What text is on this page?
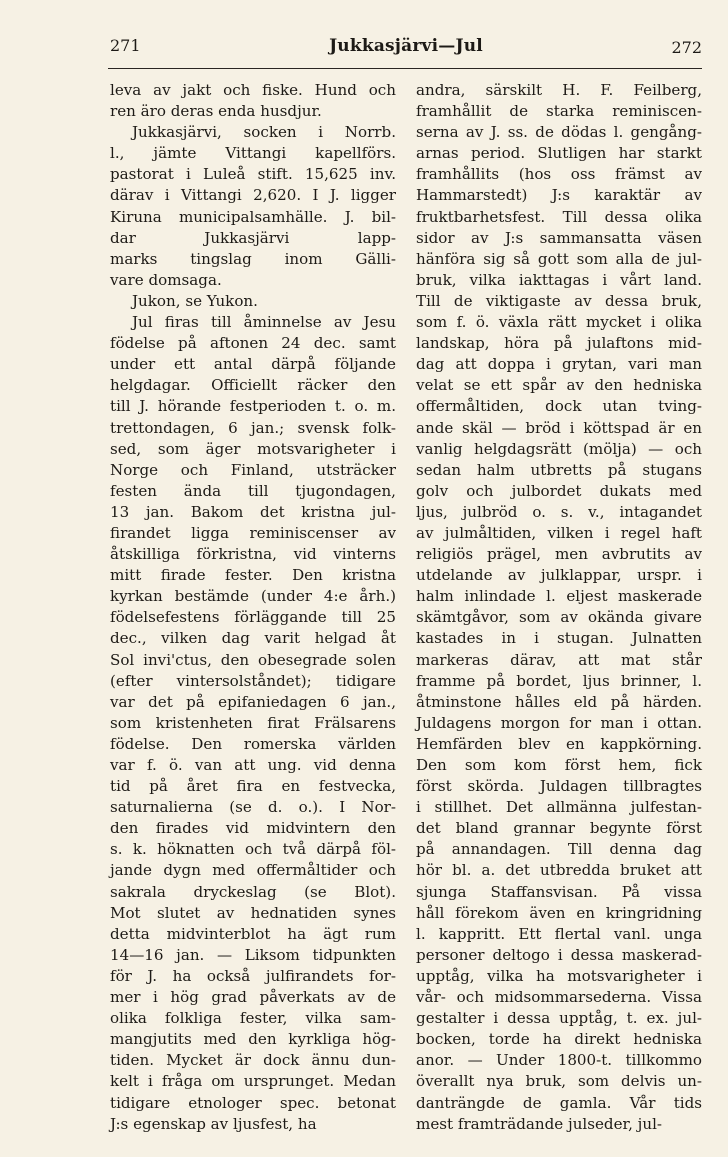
271	Jukkasjärvi—Jul	272
leva av jakt och fiske. Hund och
ren äro deras enda husdjur.
Jukkasjärvi, socken i Norrb.
l., jämte Vittangi kapellförs.
pastorat i Luleå stift. 15,625 inv.
därav i Vittangi 2,620. I J. ligger
Kiruna municipalsamhälle. J. bil-
dar Jukkasjärvi lapp-
marks tingslag inom Gälli-
vare domsaga.
Jukon, se Yukon.
Jul firas till åminnelse av Jesu
födelse på aftonen 24 dec. samt
under ett antal därpå följande
helgdagar. Officiellt räcker den
till J. hörande festperioden t. o. m.
trettondagen, 6 jan.; svensk folk-
sed, som äger motsvarigheter i
Norge och Finland, utsträcker
festen ända till tjugondagen,
13 jan. Bakom det kristna jul-
firandet ligga reminiscenser av
åtskilliga förkristna, vid vinterns
mitt firade fester. Den kristna
kyrkan bestämde (under 4:e årh.)
födelsefestens förläggande till 25
dec., vilken dag varit helgad åt
Sol invi'ctus, den obesegrade solen
(efter vintersolståndet); tidigare
var det på epifaniedagen 6 jan.,
som kristenheten firat Frälsarens
födelse. Den romerska världen
var f. ö. van att ung. vid denna
tid på året fira en festvecka,
saturnalierna (se d. o.). I Nor-
den firades vid midvintern den
s. k. höknatten och två därpå föl-
jande dygn med offermåltider och
sakrala dryckeslag (se Blot).
Mot slutet av hednatiden synes
detta midvinterblot ha ägt rum
14—16 jan. — Liksom tidpunkten
för J. ha också julfirandets for-
mer i hög grad påverkats av de
olika folkliga fester, vilka sam-
mangjutits med den kyrkliga hög-
tiden. Mycket är dock ännu dun-
kelt i fråga om ursprunget. Medan
tidigare etnologer spec. betonat
J:s egenskap av ljusfest, ha
andra, särskilt H. F. Feilberg,
framhållit de starka reminiscen-
serna av J. ss. de dödas l. gengång-
arnas period. Slutligen har starkt
framhållits (hos oss främst av
Hammarstedt) J:s karaktär av
fruktbarhetsfest. Till dessa olika
sidor av J:s sammansatta väsen
hänföra sig så gott som alla de jul-
bruk, vilka iakttagas i vårt land.
Till de viktigaste av dessa bruk,
som f. ö. växla rätt mycket i olika
landskap, höra på julaftons mid-
dag att doppa i grytan, vari man
velat se ett spår av den hedniska
offermåltiden, dock utan tving-
ande skäl — bröd i köttspad är en
vanlig helgdagsrätt (mölja) — och
sedan halm utbretts på stugans
golv och julbordet dukats med
ljus, julbröd o. s. v., intagandet
av julmåltiden, vilken i regel haft
religiös prägel, men avbrutits av
utdelande av julklappar, urspr. i
halm inlindade l. eljest maskerade
skämtgåvor, som av okända givare
kastades in i stugan. Julnatten
markeras därav, att mat står
framme på bordet, ljus brinner, l.
åtminstone hålles eld på härden.
Juldagens morgon for man i ottan.
Hemfärden blev en kappkörning.
Den som kom först hem, fick
först skörda. Juldagen tillbragtes
i stillhet. Det allmänna julfestan-
det bland grannar begynte först
på annandagen. Till denna dag
hör bl. a. det utbredda bruket att
sjunga Staffansvisan. På vissa
håll förekom även en kringridning
l. kappritt. Ett flertal vanl. unga
personer deltogo i dessa maskerad-
upptåg, vilka ha motsvarigheter i
vår- och midsommarsederna. Vissa
gestalter i dessa upptåg, t. ex. jul-
bocken, torde ha direkt hedniska
anor. — Under 1800-t. tillkommo
överallt nya bruk, som delvis un-
danträngde de gamla. Vår tids
mest framträdande julseder, jul-
